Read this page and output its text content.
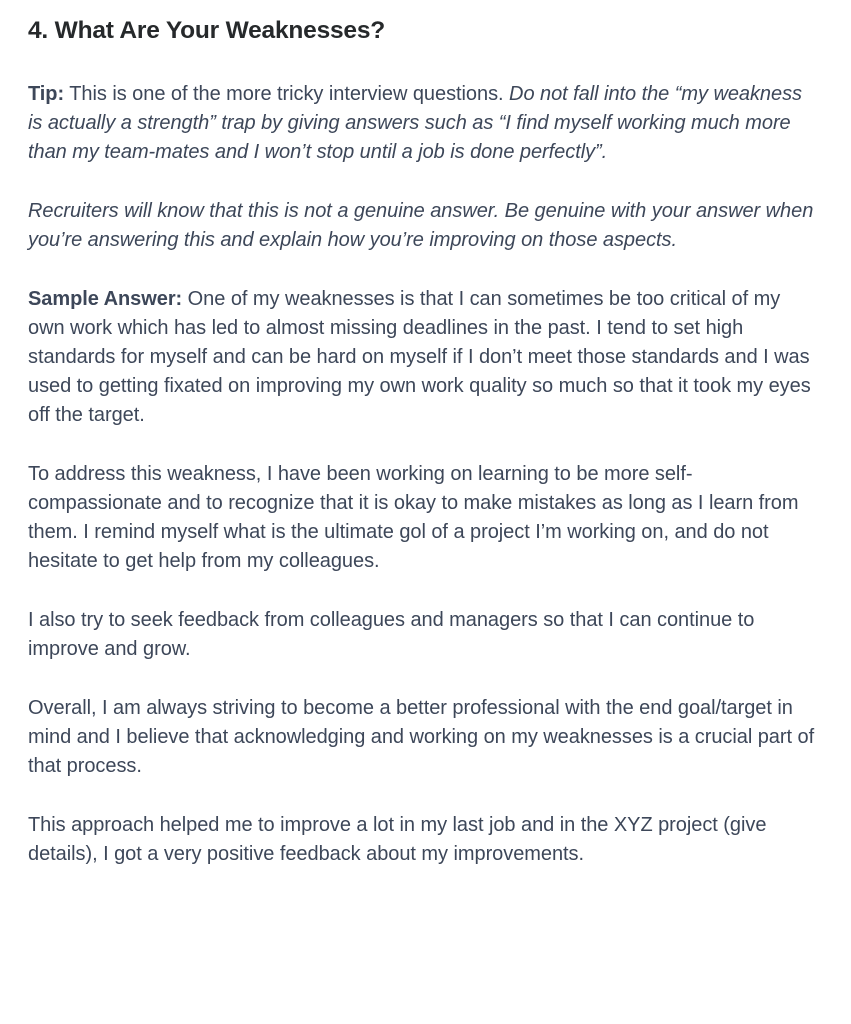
4. What Are Your Weaknesses?

Tip: This is one of the more tricky interview questions. Do not fall into the “my weakness is actually a strength” trap by giving answers such as “I find myself working much more than my team-mates and I won’t stop until a job is done perfectly”.

Recruiters will know that this is not a genuine answer. Be genuine with your answer when you’re answering this and explain how you’re improving on those aspects.

Sample Answer: One of my weaknesses is that I can sometimes be too critical of my own work which has led to almost missing deadlines in the past. I tend to set high standards for myself and can be hard on myself if I don’t meet those standards and I was used to getting fixated on improving my own work quality so much so that it took my eyes off the target.

To address this weakness, I have been working on learning to be more self-compassionate and to recognize that it is okay to make mistakes as long as I learn from them. I remind myself what is the ultimate gol of a project I’m working on, and do not hesitate to get help from my colleagues.

I also try to seek feedback from colleagues and managers so that I can continue to improve and grow.

Overall, I am always striving to become a better professional with the end goal/target in mind and I believe that acknowledging and working on my weaknesses is a crucial part of that process.

This approach helped me to improve a lot in my last job and in the XYZ project (give details), I got a very positive feedback about my improvements.
